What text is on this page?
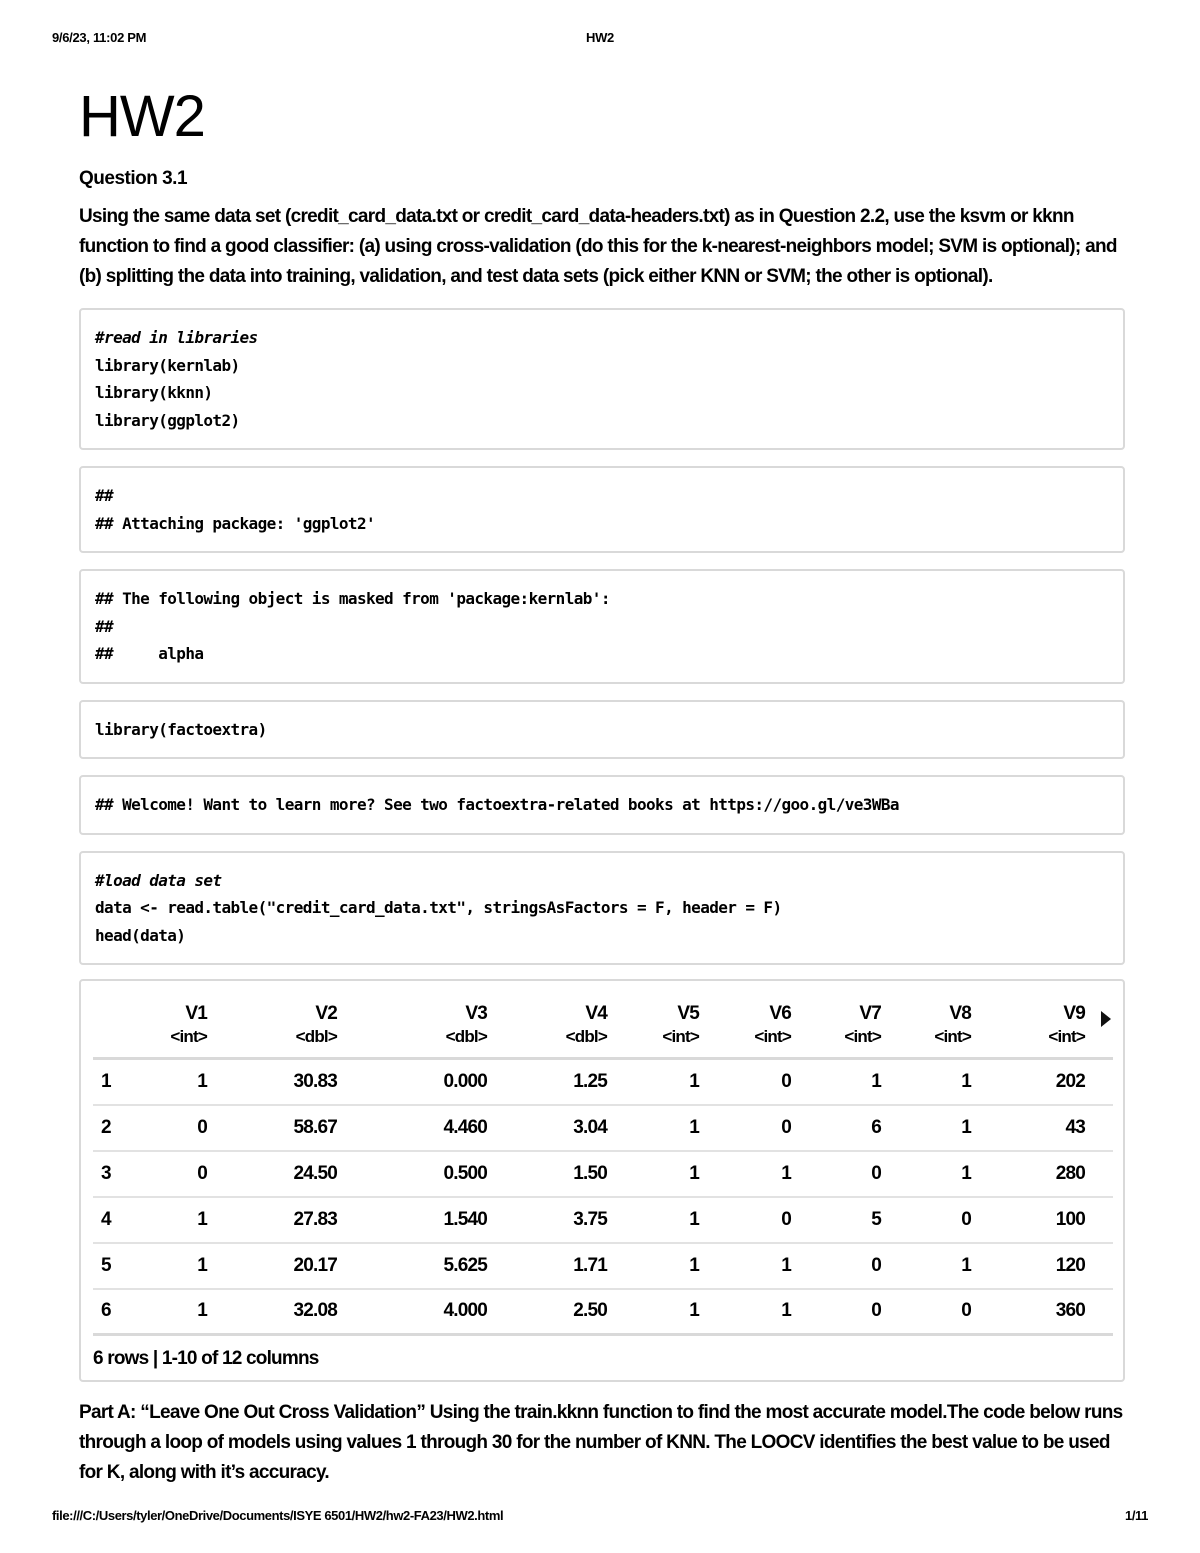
9/6/23, 11:02 PM	HW2
HW2
Question 3.1

Using the same data set (credit_card_data.txt or credit_card_data-headers.txt) as in Question 2.2, use the ksvm or kknn function to find a good classifier: (a) using cross-validation (do this for the k-nearest-neighbors model; SVM is optional); and (b) splitting the data into training, validation, and test data sets (pick either KNN or SVM; the other is optional).

#read in libraries
library(kernlab)
library(kknn)
library(ggplot2)
##
## Attaching package: 'ggplot2'
## The following object is masked from 'package:kernlab':
##
##     alpha
library(factoextra)
## Welcome! Want to learn more? See two factoextra-related books at https://goo.gl/ve3WBa
#load data set
data <- read.table("credit_card_data.txt", stringsAsFactors = F, header = F)
head(data)
	V1	V2	V3	V4	V5	V6	V7	V8	V9
	<int>	<dbl>	<dbl>	<dbl>	<int>	<int>	<int>	<int>	<int>
1	1	30.83	0.000	1.25	1	0	1	1	202
2	0	58.67	4.460	3.04	1	0	6	1	43
3	0	24.50	0.500	1.50	1	1	0	1	280
4	1	27.83	1.540	3.75	1	0	5	0	100
5	1	20.17	5.625	1.71	1	1	0	1	120
6	1	32.08	4.000	2.50	1	1	0	0	360
6 rows | 1-10 of 12 columns

Part A: “Leave One Out Cross Validation” Using the train.kknn function to find the most accurate model.The code below runs through a loop of models using values 1 through 30 for the number of KNN. The LOOCV identifies the best value to be used for K, along with it’s accuracy.

file:///C:/Users/tyler/OneDrive/Documents/ISYE 6501/HW2/hw2-FA23/HW2.html	1/11
